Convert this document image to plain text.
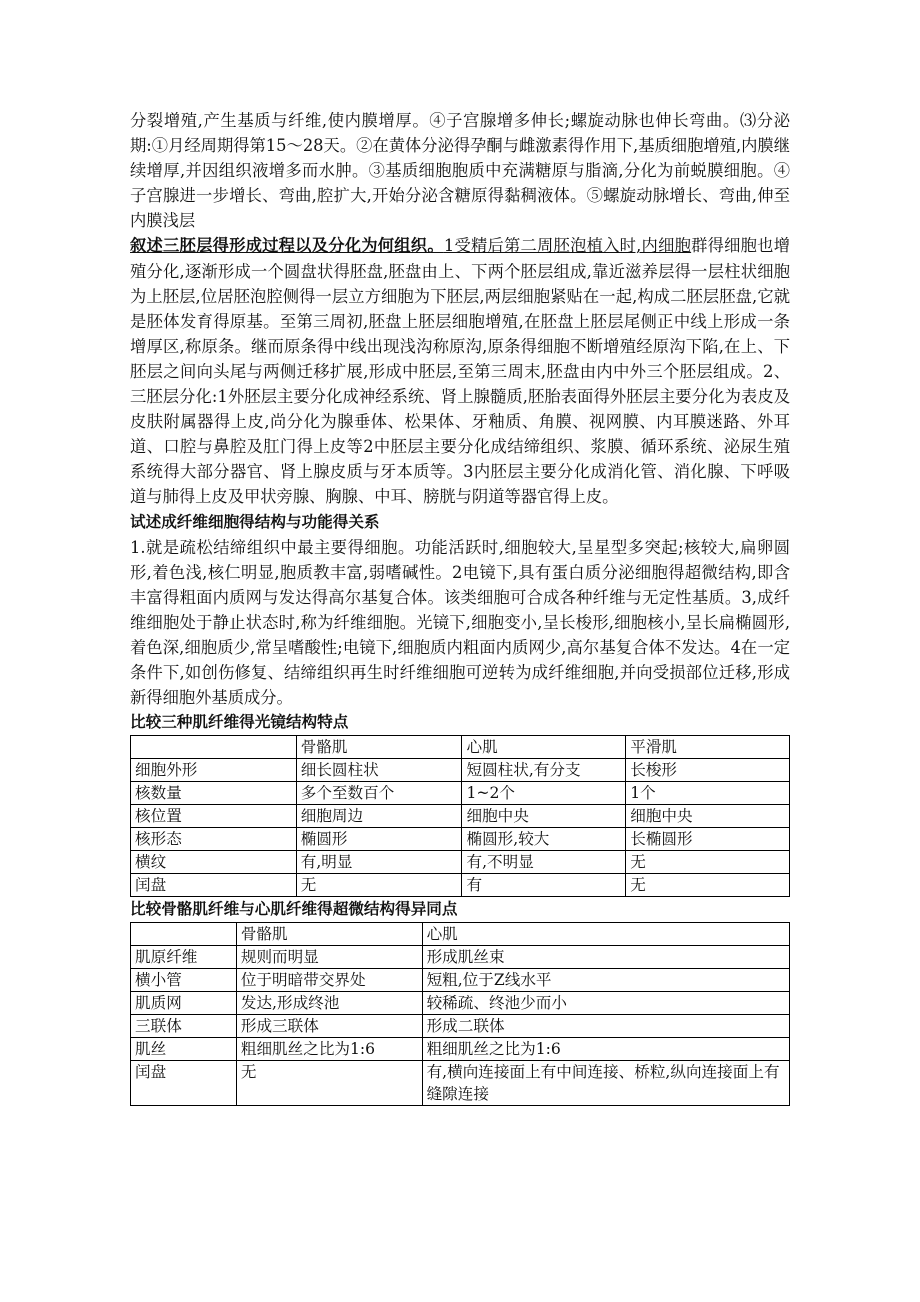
分裂增殖,产生基质与纤维,使内膜增厚。④子宫腺增多伸长;螺旋动脉也伸长弯曲。⑶分泌期:①月经周期得第15～28天。②在黄体分泌得孕酮与雌激素得作用下,基质细胞增殖,内膜继续增厚,并因组织液增多而水肿。③基质细胞胞质中充满糖原与脂滴,分化为前蜕膜细胞。④子宫腺进一步增长、弯曲,腔扩大,开始分泌含糖原得黏稠液体。⑤螺旋动脉增长、弯曲,伸至内膜浅层

叙述三胚层得形成过程以及分化为何组织。1受精后第二周胚泡植入时,内细胞群得细胞也增殖分化,逐渐形成一个圆盘状得胚盘,胚盘由上、下两个胚层组成,靠近滋养层得一层柱状细胞为上胚层,位居胚泡腔侧得一层立方细胞为下胚层,两层细胞紧贴在一起,构成二胚层胚盘,它就是胚体发育得原基。至第三周初,胚盘上胚层细胞增殖,在胚盘上胚层尾侧正中线上形成一条增厚区,称原条。继而原条得中线出现浅沟称原沟,原条得细胞不断增殖经原沟下陷,在上、下胚层之间向头尾与两侧迁移扩展,形成中胚层,至第三周末,胚盘由内中外三个胚层组成。2、三胚层分化:1外胚层主要分化成神经系统、肾上腺髓质,胚胎表面得外胚层主要分化为表皮及皮肤附属器得上皮,尚分化为腺垂体、松果体、牙釉质、角膜、视网膜、内耳膜迷路、外耳道、口腔与鼻腔及肛门得上皮等2中胚层主要分化成结缔组织、浆膜、循环系统、泌尿生殖系统得大部分器官、肾上腺皮质与牙本质等。3内胚层主要分化成消化管、消化腺、下呼吸道与肺得上皮及甲状旁腺、胸腺、中耳、膀胱与阴道等器官得上皮。

试述成纤维细胞得结构与功能得关系

1.就是疏松结缔组织中最主要得细胞。功能活跃时,细胞较大,呈星型多突起;核较大,扁卵圆形,着色浅,核仁明显,胞质教丰富,弱嗜碱性。2电镜下,具有蛋白质分泌细胞得超微结构,即含丰富得粗面内质网与发达得高尔基复合体。该类细胞可合成各种纤维与无定性基质。3,成纤维细胞处于静止状态时,称为纤维细胞。光镜下,细胞变小,呈长梭形,细胞核小,呈长扁椭圆形,着色深,细胞质少,常呈嗜酸性;电镜下,细胞质内粗面内质网少,高尔基复合体不发达。4在一定条件下,如创伤修复、结缔组织再生时纤维细胞可逆转为成纤维细胞,并向受损部位迁移,形成新得细胞外基质成分。

比较三种肌纤维得光镜结构特点

	骨骼肌	心肌	平滑肌
细胞外形	细长圆柱状	短圆柱状,有分支	长梭形
核数量	多个至数百个	1~2个	1个
核位置	细胞周边	细胞中央	细胞中央
核形态	椭圆形	椭圆形,较大	长椭圆形
横纹	有,明显	有,不明显	无
闰盘	无	有	无

比较骨骼肌纤维与心肌纤维得超微结构得异同点

	骨骼肌	心肌
肌原纤维	规则而明显	形成肌丝束
横小管	位于明暗带交界处	短粗,位于Z线水平
肌质网	发达,形成终池	较稀疏、终池少而小
三联体	形成三联体	形成二联体
肌丝	粗细肌丝之比为1:6	粗细肌丝之比为1:6
闰盘	无	有,横向连接面上有中间连接、桥粒,纵向连接面上有缝隙连接
